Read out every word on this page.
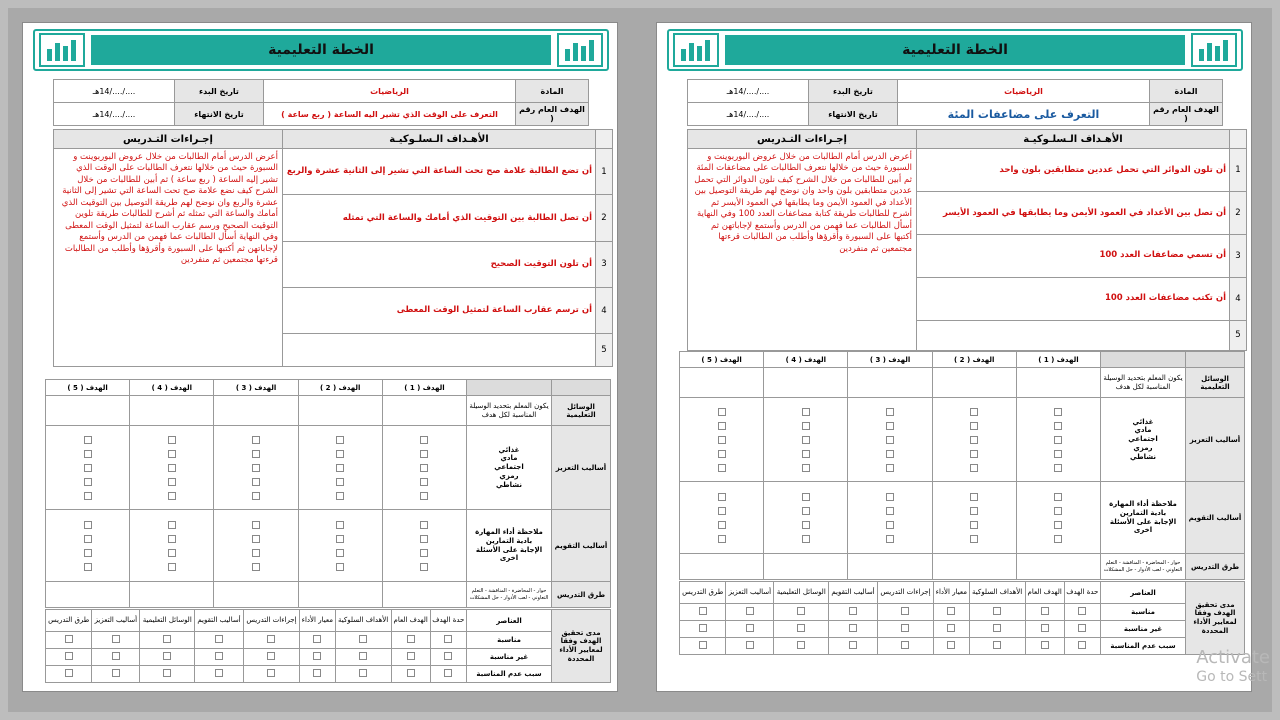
الخطة التعليمية
المادة	الرياضيات	تاريخ البدء	‏..../..../14هـ
الهدف العام رقم (	التعرف على الوقت الذي تشير اليه الساعة ( ربع ساعة )	تاريخ الانتهاء	‏..../..../14هـ
	الأهـداف الـسلـوكيـة	إجـراءات التـدريس
1	أن تضع الطالبة علامة صح تحت الساعة التي تشير إلى الثانية عشرة والربع	أعرض الدرس أمام الطالبات من خلال عروض البوربوينت و السبورة حيث من خلالها نتعرف الطالبات على الوقت الذي تشير إليه الساعة ( ربع ساعة ) ثم أبين للطالبات من خلال الشرح كيف نضع علامة صح تحت الساعة التي تشير إلى الثانية عشرة والربع وان نوضح لهم طريقة التوصيل بين التوقيت الذي أمامك والساعة التي تمثله ثم أشرح للطالبات طريقة تلوين التوقيت الصحيح ورسم عقارب الساعة لتمثيل الوقت المعطى وفي النهاية أسأل الطالبات عما فهمن من الدرس وأستمع لإجاباتهن ثم أكتبها على السبورة وأقرؤها وأطلب من الطالبات قرءتها مجتمعين ثم منفردين
2	أن تصل الطالبة بين التوقيت الذي أمامك والساعة التي تمثله	
3	أن تلون التوقيت الصحيح	
4	أن ترسم عقارب الساعة لتمثيل الوقت المعطى	
5		
		الهدف ( 1 )	الهدف ( 2 )	الهدف ( 3 )	الهدف ( 4 )	الهدف ( 5 )
الوسائل التعليمية	يكون المعلم بتحديد الوسيلة المناسبة لكل هدف					
أساليب التعزيز	غذائي
مادي
اجتماعي
رمزي
نشاطي					

أساليب التقويم	ملاحظة أداء المهارة
بادية التمارين
الإجابة على الأسئلة
اخرى					

طرق التدريس	حوار - المحاضرة - المناقشة - التعلم التعاوني - لعب الأدوار - حل المشكلات					
مدى تحقيق الهدف وفقا لمعايير الأداء المحددة	العناصر	حدة الهدف	الهدف العام	الأهداف السلوكية	معيار الأداء	إجراءات التدريس	أساليب التقويم	الوسائل التعليمية	أساليب التعزيز	طرق التدريس
	مناسبة									
	غير مناسبة									
	سبب عدم المناسبة									
الخطة التعليمية
المادة	الرياضيات	تاريخ البدء	‏..../..../14هـ
الهدف العام رقم (	التعرف على مضاعفات المئة	تاريخ الانتهاء	‏..../..../14هـ
	الأهـداف الـسلـوكيـة	إجـراءات التـدريس
1	أن تلون الدوائر التي تحمل عددين متطابقين بلون واحد	أعرض الدرس أمام الطالبات من خلال عروض البوربوينت و السبورة حيث من خلالها نتعرف الطالبات على مضاعفات المئة ثم أبين للطالبات من خلال الشرح كيف نلون الدوائر التي تحمل عددين متطابقين بلون واحد وان نوضح لهم طريقة التوصيل بين الأعداد في العمود الأيمن وما يطابقها في العمود الأيسر ثم أشرح للطالبات طريقة كتابة مضاعفات العدد 100 وفي النهاية أسأل الطالبات عما فهمن من الدرس وأستمع لإجاباتهن ثم أكتبها على السبورة وأقرؤها وأطلب من الطالبات قرءتها مجتمعين ثم منفردين
2	أن تصل بين الأعداد في العمود الأيمن وما يطابقها في العمود الأيسر	
3	أن تسمي مضاعفات العدد 100	
4	أن تكتب مضاعفات العدد 100	
5		
		الهدف ( 1 )	الهدف ( 2 )	الهدف ( 3 )	الهدف ( 4 )	الهدف ( 5 )
الوسائل التعليمية	يكون المعلم بتحديد الوسيلة المناسبة لكل هدف					
أساليب التعزيز	غذائي
مادي
اجتماعي
رمزي
نشاطي					

أساليب التقويم	ملاحظة أداء المهارة
بادية التمارين
الإجابة على الأسئلة
اخرى					

طرق التدريس	حوار - المحاضرة - المناقشة - التعلم التعاوني - لعب الأدوار - حل المشكلات					
مدى تحقيق الهدف وفقا لمعايير الأداء المحددة	العناصر	حدة الهدف	الهدف العام	الأهداف السلوكية	معيار الأداء	إجراءات التدريس	أساليب التقويم	الوسائل التعليمية	أساليب التعزيز	طرق التدريس
	مناسبة									
	غير مناسبة									
	سبب عدم المناسبة									
Activate
Go to Sett
